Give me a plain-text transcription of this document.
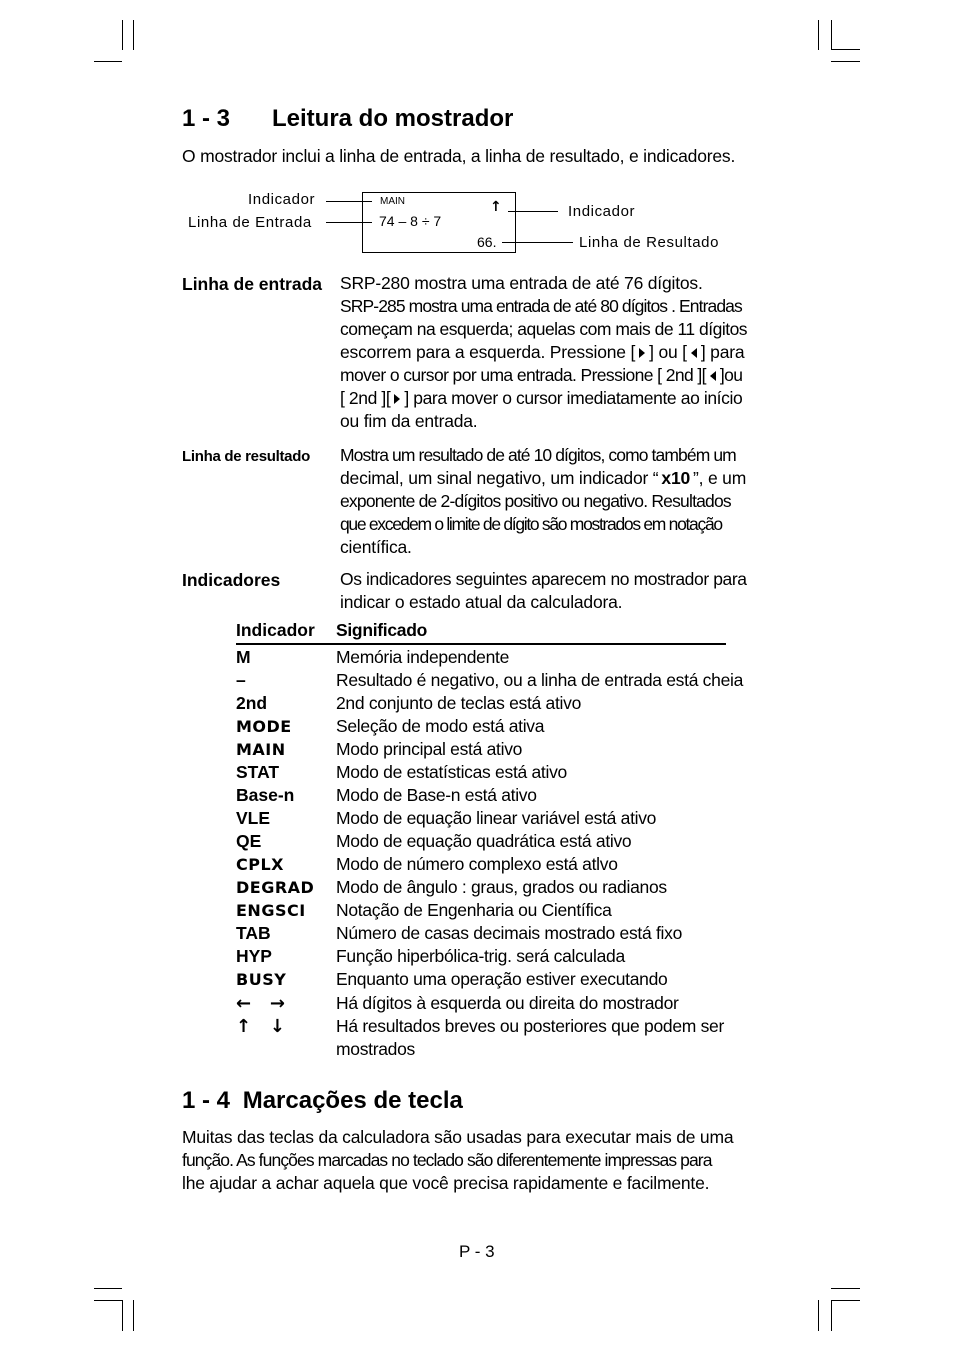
1 - 3 Leitura do mostrador
O mostrador inclui a linha de entrada, a linha de resultado, e indicadores.
Indicador
Linha de Entrada
MAIN
74 – 8 ÷ 7
↑
66.
Indicador
Linha de Resultado
Linha de entrada SRP-280 mostra uma entrada de até 76 dígitos.
SRP-285 mostra uma entrada de até 80 dígitos . Entradas
começam na esquerda; aquelas com mais de 11 dígitos
escorrem para a esquerda. Pressione [ ] ou [ ] para
mover o cursor por uma entrada. Pressione [ 2nd ][ ]ou
[ 2nd ][ ] para mover o cursor imediatamente ao início
ou fim da entrada.
Linha de resultado Mostra um resultado de até 10 dígitos, como também um
decimal, um sinal negativo, um indicador “ x10 ”, e um
exponente de 2-dígitos positivo ou negativo. Resultados
que excedem o limite de dígito são mostrados em notação
científica.
Indicadores	Os indicadores seguintes aparecem no mostrador para
indicar o estado atual da calculadora.
Indicador Significado
M	Memória independente
–	Resultado é negativo, ou a linha de entrada está cheia
2nd	2nd conjunto de teclas está ativo
MODE	Seleção de modo está ativa
MAIN	Modo principal está ativo
STAT	Modo de estatísticas está ativo
Base-n Modo de Base-n está ativo
VLE	Modo de equação linear variável está ativo
QE	Modo de equação quadrática está ativo
CPLX	Modo de número complexo está atlvo
DEGRAD Modo de ângulo : graus, grados ou radianos
ENGSCI Notação de Engenharia ou Científica
TAB	Número de casas decimais mostrado está fixo
HYP	Função hiperbólica-trig. será calculada
BUSY	Enquanto uma operação estiver executando
←   →	Há dígitos à esquerda ou direita do mostrador
↑   ↓	Há resultados breves ou posteriores que podem ser
mostrados
1 - 4 Marcações de tecla
Muitas das teclas da calculadora são usadas para executar mais de uma
função. As funções marcadas no teclado são diferentemente impressas para
lhe ajudar a achar aquela que você precisa rapidamente e facilmente.
P - 3
